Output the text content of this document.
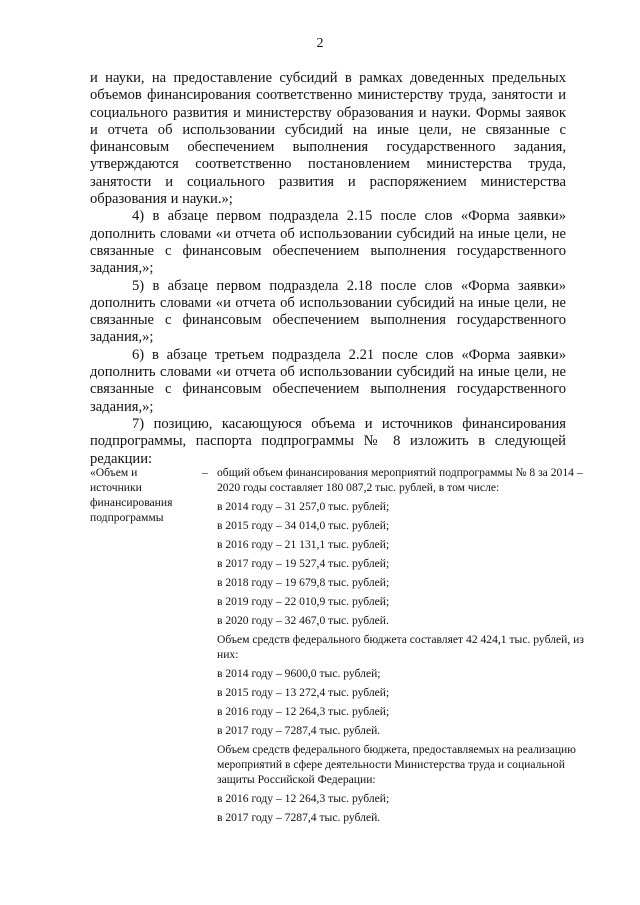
2

и науки, на предоставление субсидий в рамках доведенных предельных объемов финансирования соответственно министерству труда, занятости и социального развития и министерству образования и науки. Формы заявок и отчета об использовании субсидий на иные цели, не связанные с финансовым обеспечением выполнения государственного задания, утверждаются соответственно постановлением министерства труда, занятости и социального развития и распоряжением министерства образования и науки.»;

4) в абзаце первом подраздела 2.15 после слов «Форма заявки» дополнить словами «и отчета об использовании субсидий на иные цели, не связанные с финансовым обеспечением выполнения государственного задания,»;

5) в абзаце первом подраздела 2.18 после слов «Форма заявки» дополнить словами «и отчета об использовании субсидий на иные цели, не связанные с финансовым обеспечением выполнения государственного задания,»;

6) в абзаце третьем подраздела 2.21 после слов «Форма заявки» дополнить словами «и отчета об использовании субсидий на иные цели, не связанные с финансовым обеспечением выполнения государственного задания,»;

7) позицию, касающуюся объема и источников финансирования подпрограммы, паспорта подпрограммы № 8 изложить в следующей редакции:

«Объем и источники финансирования подпрограммы
– общий объем финансирования мероприятий подпрограммы № 8 за 2014 – 2020 годы составляет 180 087,2 тыс. рублей, в том числе:
в 2014 году – 31 257,0 тыс. рублей;
в 2015 году – 34 014,0 тыс. рублей;
в 2016 году – 21 131,1 тыс. рублей;
в 2017 году – 19 527,4 тыс. рублей;
в 2018 году – 19 679,8 тыс. рублей;
в 2019 году – 22 010,9 тыс. рублей;
в 2020 году – 32 467,0 тыс. рублей.
Объем средств федерального бюджета составляет 42 424,1 тыс. рублей, из них:
в 2014 году – 9600,0 тыс. рублей;
в 2015 году – 13 272,4 тыс. рублей;
в 2016 году – 12 264,3 тыс. рублей;
в 2017 году – 7287,4 тыс. рублей.
Объем средств федерального бюджета, предоставляемых на реализацию мероприятий в сфере деятельности Министерства труда и социальной защиты Российской Федерации:
в 2016 году – 12 264,3 тыс. рублей;
в 2017 году – 7287,4 тыс. рублей.
